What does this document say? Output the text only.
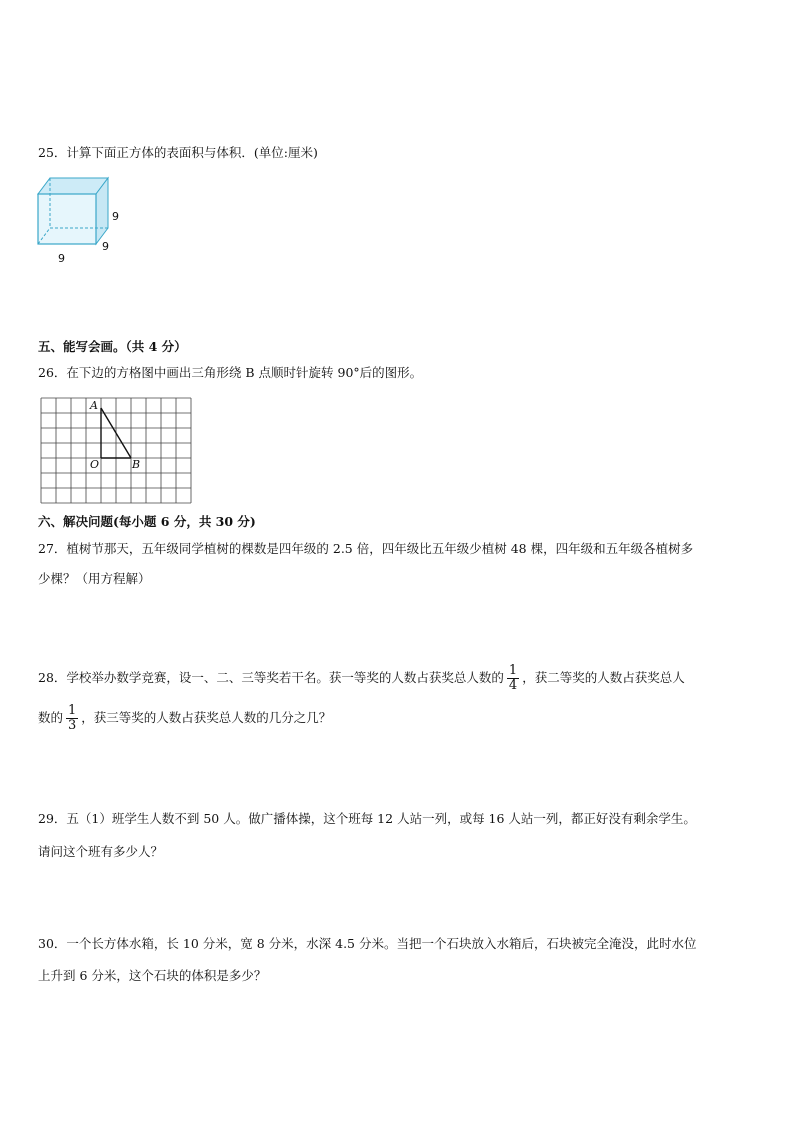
25．计算下面正方体的表面积与体积．(单位:厘米)
9
9
9
五、能写会画。（共 4 分）
26．在下边的方格图中画出三角形绕 B 点顺时针旋转 90°后的图形。
A
O	B
六、解决问题(每小题 6 分，共 30 分)
27．植树节那天，五年级同学植树的棵数是四年级的 2.5 倍，四年级比五年级少植树 48 棵，四年级和五年级各植树多
少棵？（用方程解）
28．学校举办数学竞赛，设一、二、三等奖若干名。获一等奖的人数占获奖总人数的 $\frac{1}{4}$ ，获二等奖的人数占获奖总人
数的 $\frac{1}{3}$ ，获三等奖的人数占获奖总人数的几分之几？
29．五（1）班学生人数不到 50 人。做广播体操，这个班每 12 人站一列，或每 16 人站一列，都正好没有剩余学生。
请问这个班有多少人？
30．一个长方体水箱，长 10 分米，宽 8 分米，水深 4.5 分米。当把一个石块放入水箱后，石块被完全淹没，此时水位
上升到 6 分米，这个石块的体积是多少？
